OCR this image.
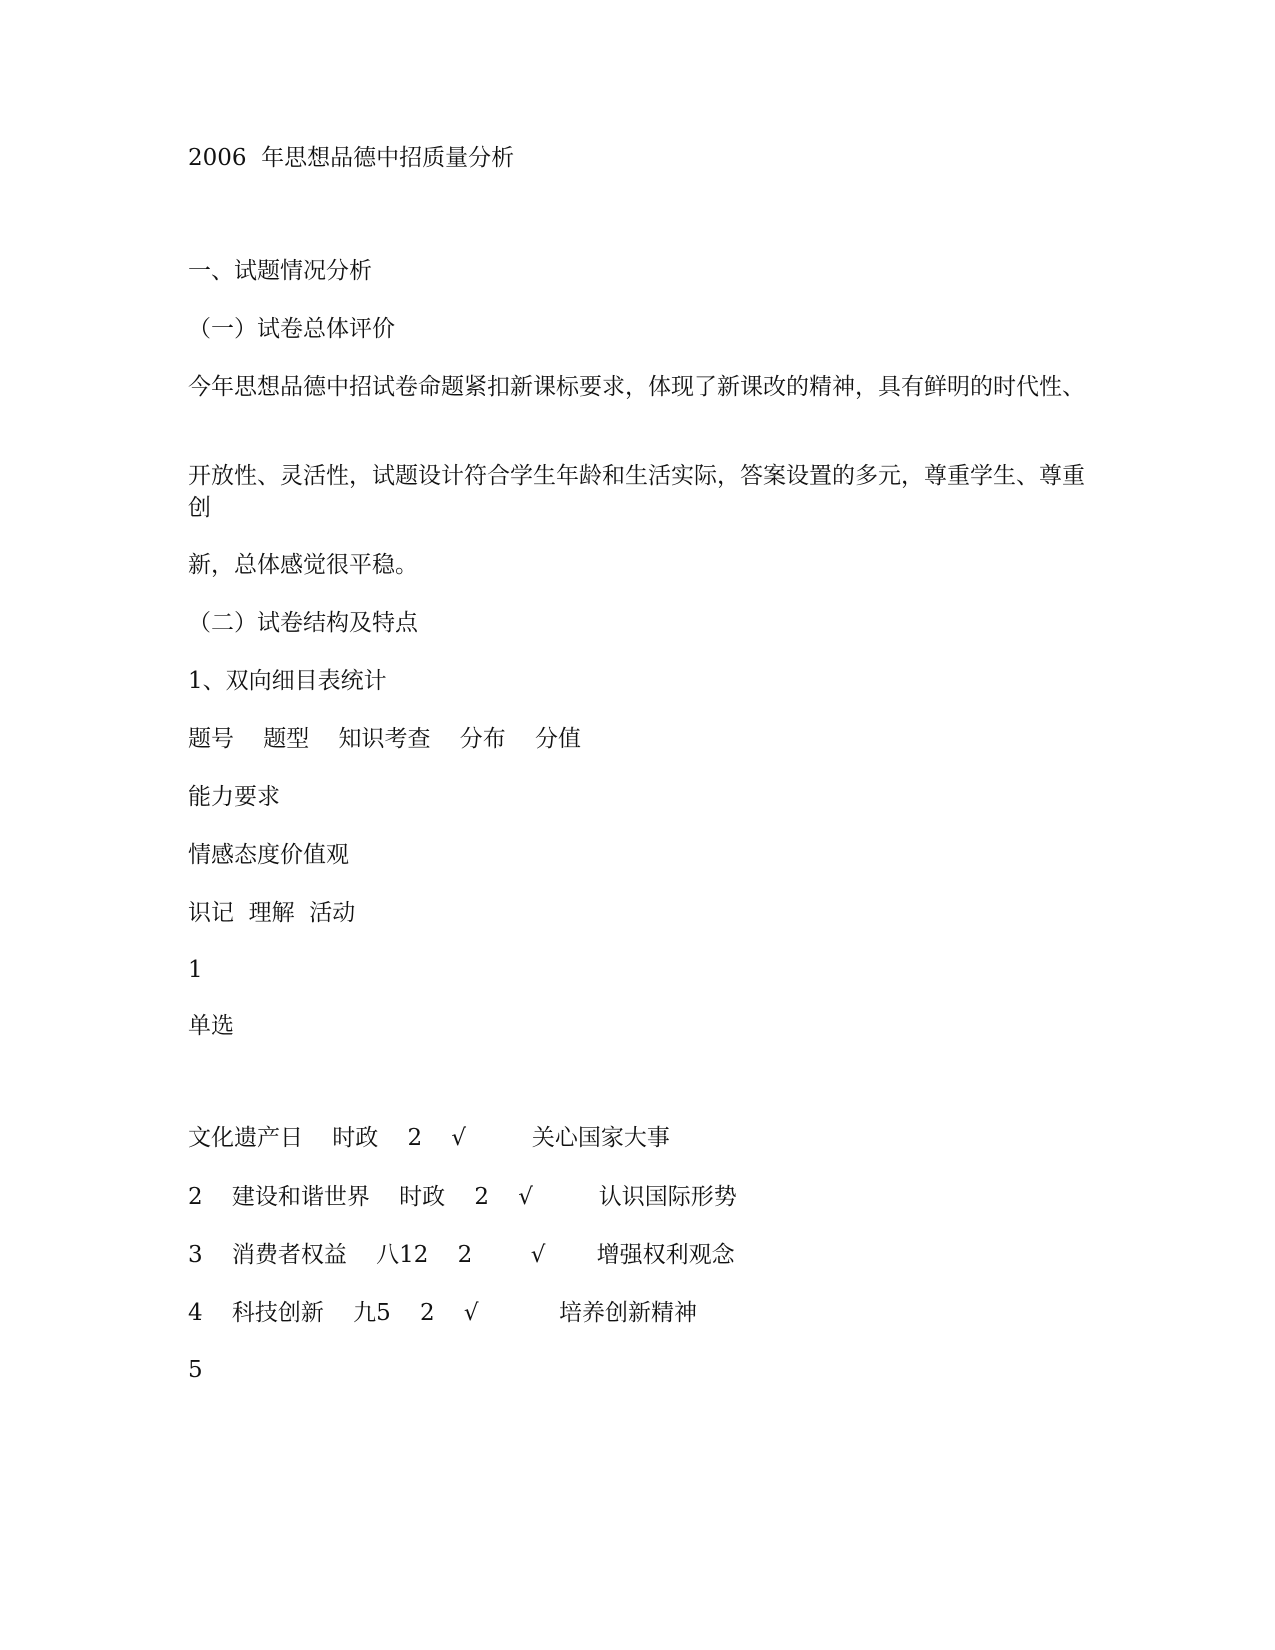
2006  年思想品德中招质量分析
一、试题情况分析
（一）试卷总体评价
今年思想品德中招试卷命题紧扣新课标要求，体现了新课改的精神，具有鲜明的时代性、
开放性、灵活性，试题设计符合学生年龄和生活实际，答案设置的多元，尊重学生、尊重创
新，总体感觉很平稳。
（二）试卷结构及特点
1、双向细目表统计
题号    题型    知识考查    分布    分值
能力要求
情感态度价值观
识记  理解  活动
1
单选
文化遗产日    时政    2    √         关心国家大事
2    建设和谐世界    时政    2    √         认识国际形势
3    消费者权益    八12    2        √       增强权利观念
4    科技创新    九5    2    √           培养创新精神
5
